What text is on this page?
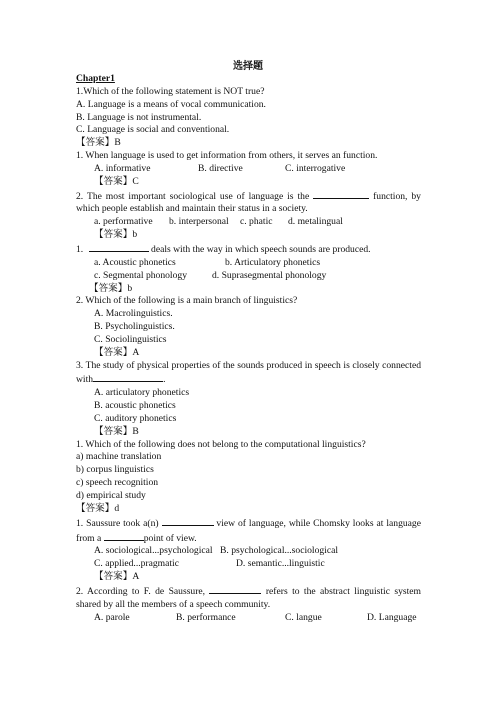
选择题
Chapter1
1.Which of the following statement is NOT true?
A. Language is a means of vocal communication.
B. Language is not instrumental.
C. Language is social and conventional.
【答案】B
1. When language is used to get information from others, it serves an function.
A. informative	B. directive	C. interrogative
【答案】C
2. The most important sociological use of language is the	function, by which people establish and maintain their status in a society.
a. performative	b. interpersonal	c. phatic	d. metalingual
【答案】b
1.	deals with the way in which speech sounds are produced.
a. Acoustic phonetics	b. Articulatory phonetics
c. Segmental phonology	d. Suprasegmental phonology
【答案】b
2. Which of the following is a main branch of linguistics?
A. Macrolinguistics.
B. Psycholinguistics.
C. Sociolinguistics
【答案】A
3. The study of physical properties of the sounds produced in speech is closely connected with	.
A. articulatory phonetics
B. acoustic phonetics
C. auditory phonetics
【答案】B
1. Which of the following does not belong to the computational linguistics?
a) machine translation
b) corpus linguistics
c) speech recognition
d) empirical study
【答案】d
1. Saussure took a(n)	view of language, while Chomsky looks at language from a	point of view.
A. sociological...psychological B. psychological...sociological
C. applied...pragmatic	D. semantic...linguistic
【答案】A
2. According to F. de Saussure,	refers to the abstract linguistic system shared by all the members of a speech community.
A. parole	B. performance	C. langue	D. Language
